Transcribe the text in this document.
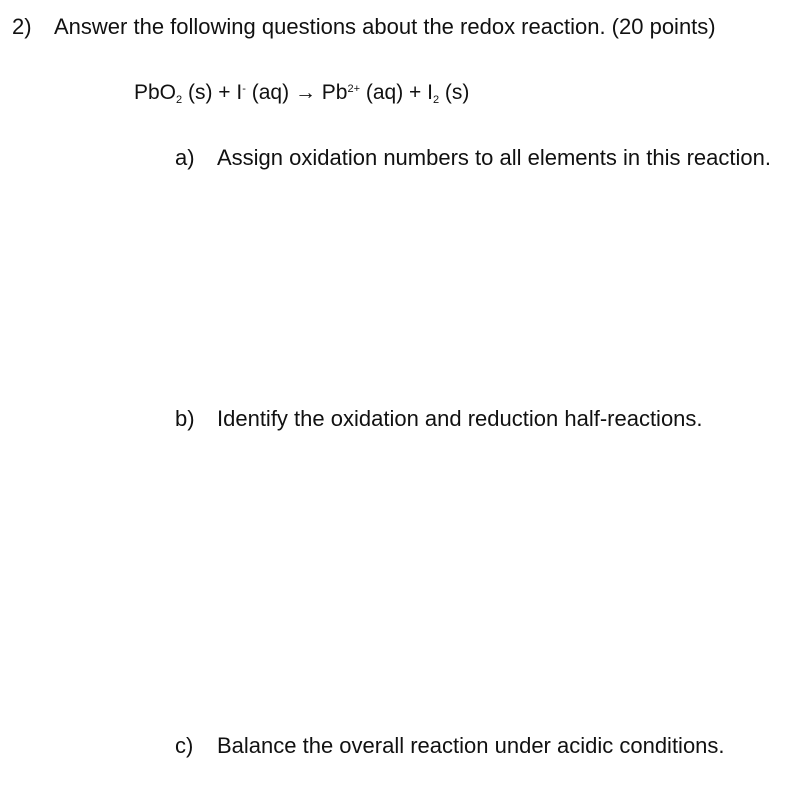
2) Answer the following questions about the redox reaction. (20 points)
PbO$_2$ (s) + I- $(aq) \to Pb^{2+}$ $(aq) + I_2$ (s)
a) Assign oxidation numbers to all elements in this reaction.
b) Identify the oxidation and reduction half-reactions.
c) Balance the overall reaction under acidic conditions.
